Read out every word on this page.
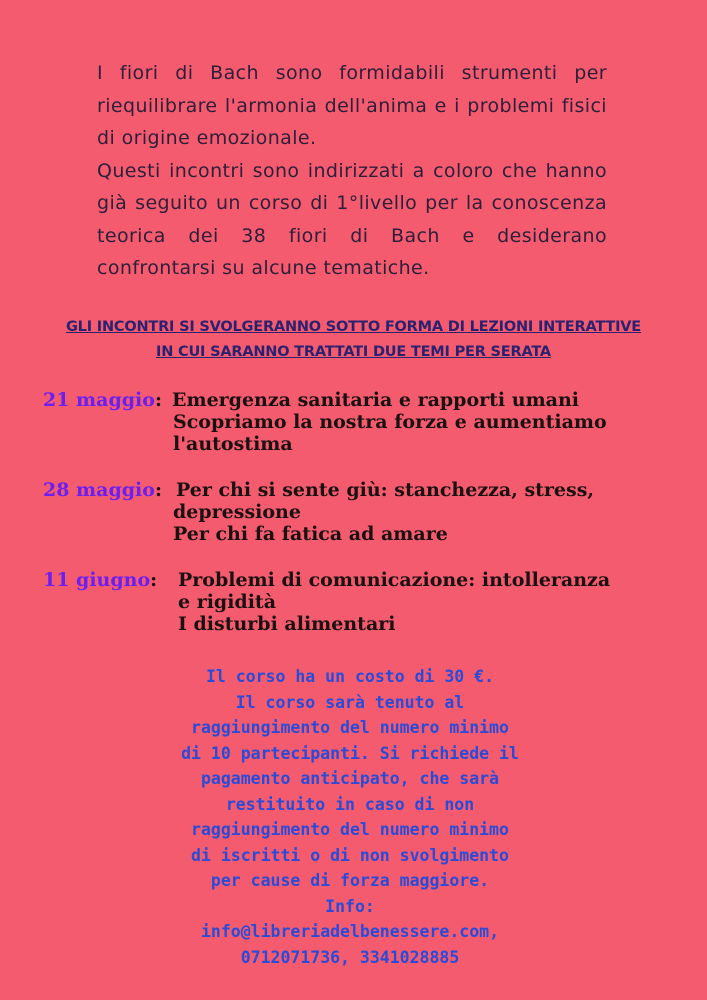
I fiori di Bach sono formidabili strumenti per riequilibrare l'armonia dell'anima e i problemi fisici di origine emozionale.

Questi incontri sono indirizzati a coloro che hanno già seguito un corso di 1°livello per la conoscenza teorica dei 38 fiori di Bach e desiderano confrontarsi su alcune tematiche.

GLI INCONTRI SI SVOLGERANNO SOTTO FORMA DI LEZIONI INTERATTIVE
IN CUI SARANNO TRATTATI DUE TEMI PER SERATA
21 maggio: Emergenza sanitaria e rapporti umani
Scopriamo la nostra forza e aumentiamo
l'autostima
28 maggio: Per chi si sente giù: stanchezza, stress,
depressione
Per chi fa fatica ad amare
11 giugno:	Problemi di comunicazione: intolleranza
e rigidità
I disturbi alimentari
Il corso ha un costo di 30 €.
Il corso sarà tenuto al
raggiungimento del numero minimo
di 10 partecipanti. Si richiede il
pagamento anticipato, che sarà
restituito in caso di non
raggiungimento del numero minimo
di iscritti o di non svolgimento
per cause di forza maggiore.
Info:
info@libreriadelbenessere.com,
0712071736, 3341028885
